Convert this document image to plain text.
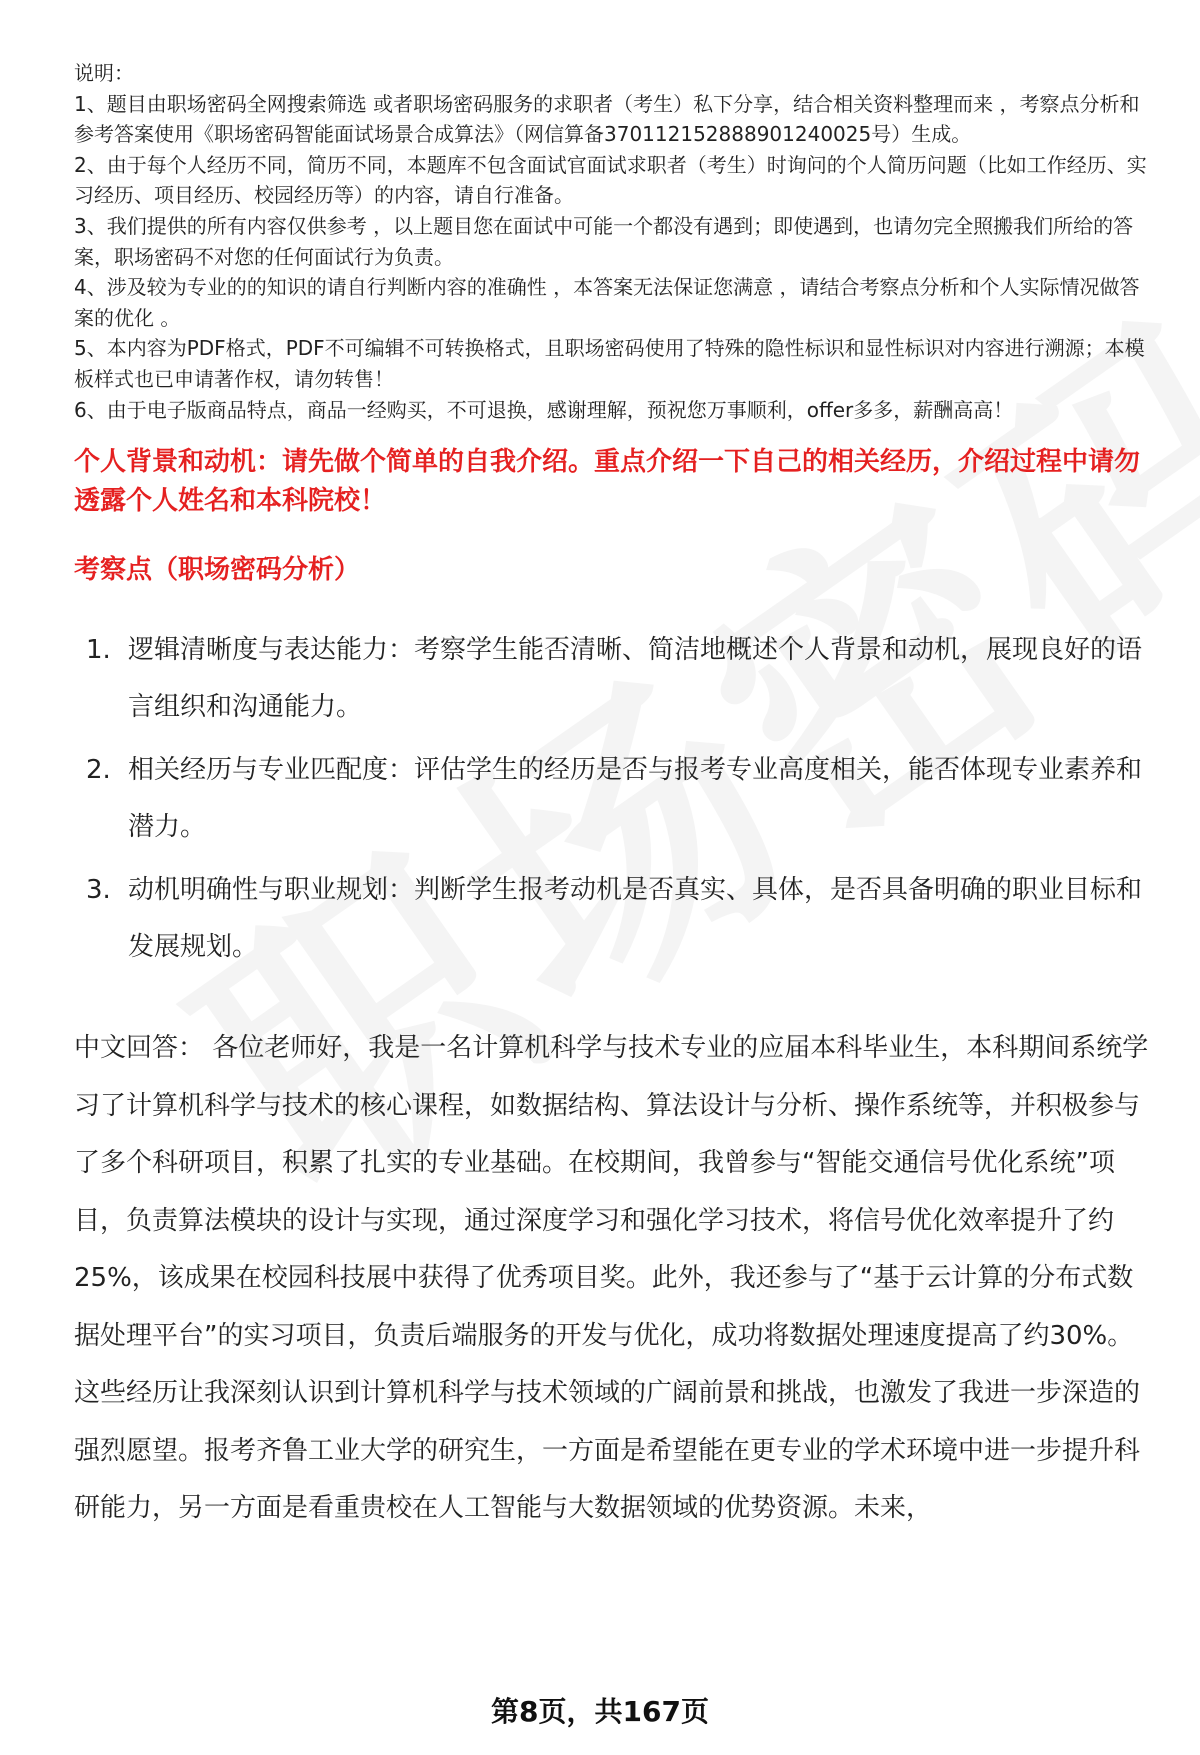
说明：

1、题目由职场密码全网搜索筛选 或者职场密码服务的求职者（考生）私下分享，结合相关资料整理而来 ，考察点分析和参考答案使用《职场密码智能面试场景合成算法》（网信算备370112152888901240025号）生成。

2、由于每个人经历不同，简历不同，本题库不包含面试官面试求职者（考生）时询问的个人简历问题（比如工作经历、实习经历、项目经历、校园经历等）的内容，请自行准备。

3、我们提供的所有内容仅供参考 ，以上题目您在面试中可能一个都没有遇到；即使遇到，也请勿完全照搬我们所给的答案，职场密码不对您的任何面试行为负责。

4、涉及较为专业的的知识的请自行判断内容的准确性 ，本答案无法保证您满意 ，请结合考察点分析和个人实际情况做答案的优化 。

5、本内容为PDF格式，PDF不可编辑不可转换格式，且职场密码使用了特殊的隐性标识和显性标识对内容进行溯源；本模板样式也已申请著作权，请勿转售！

6、由于电子版商品特点，商品一经购买，不可退换，感谢理解，预祝您万事顺利，offer多多，薪酬高高！

个人背景和动机：请先做个简单的自我介绍。重点介绍一下自己的相关经历，介绍过程中请勿透露个人姓名和本科院校！
考察点（职场密码分析）
1. 逻辑清晰度与表达能力：考察学生能否清晰、简洁地概述个人背景和动机，展现良好的语言组织和沟通能力。
2. 相关经历与专业匹配度：评估学生的经历是否与报考专业高度相关，能否体现专业素养和潜力。
3. 动机明确性与职业规划：判断学生报考动机是否真实、具体，是否具备明确的职业目标和发展规划。
中文回答： 各位老师好，我是一名计算机科学与技术专业的应届本科毕业生，本科期间系统学习了计算机科学与技术的核心课程，如数据结构、算法设计与分析、操作系统等，并积极参与了多个科研项目，积累了扎实的专业基础。在校期间，我曾参与“智能交通信号优化系统”项目，负责算法模块的设计与实现，通过深度学习和强化学习技术，将信号优化效率提升了约25%，该成果在校园科技展中获得了优秀项目奖。此外，我还参与了“基于云计算的分布式数据处理平台”的实习项目，负责后端服务的开发与优化，成功将数据处理速度提高了约30%。这些经历让我深刻认识到计算机科学与技术领域的广阔前景和挑战，也激发了我进一步深造的强烈愿望。报考齐鲁工业大学的研究生，一方面是希望能在更专业的学术环境中进一步提升科研能力，另一方面是看重贵校在人工智能与大数据领域的优势资源。未来，
第8页，共167页
